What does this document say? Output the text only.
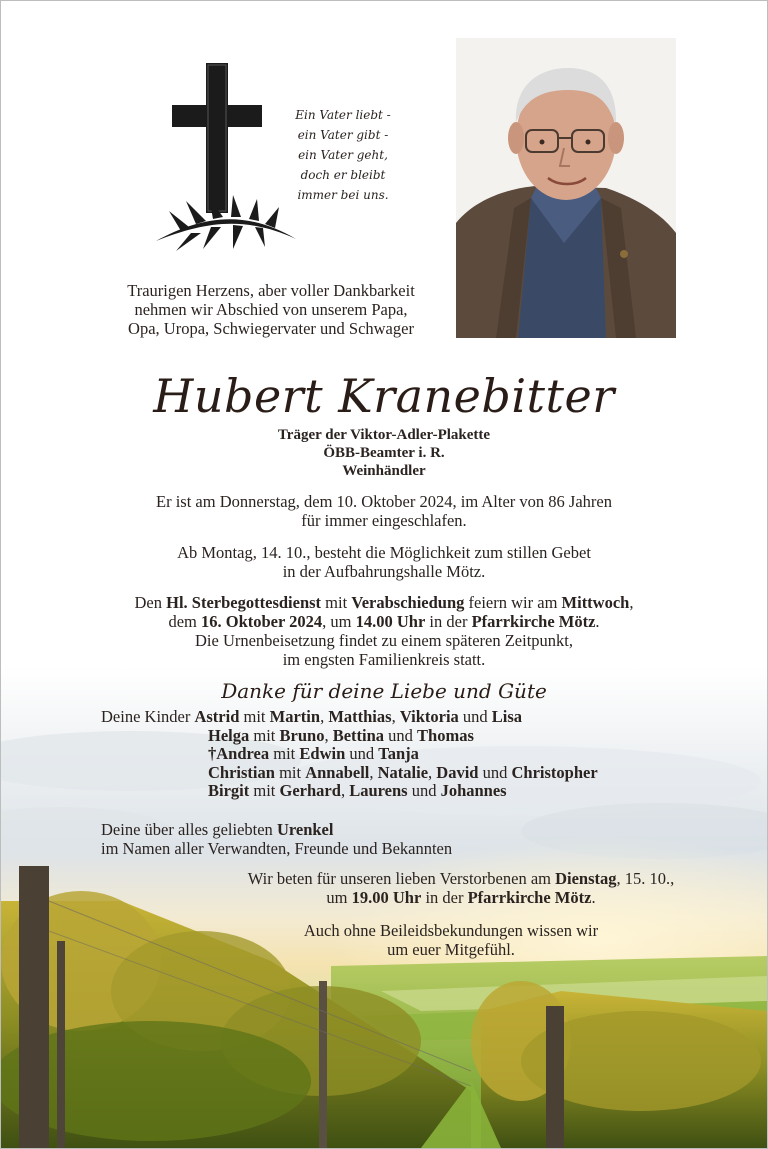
Ein Vater liebt -
ein Vater gibt -
ein Vater geht,
doch er bleibt
immer bei uns.
Traurigen Herzens, aber voller Dankbarkeit
nehmen wir Abschied von unserem Papa,
Opa, Uropa, Schwiegervater und Schwager
Hubert Kranebitter
Träger der Viktor-Adler-Plakette
ÖBB-Beamter i. R.
Weinhändler
Er ist am Donnerstag, dem 10. Oktober 2024, im Alter von 86 Jahren
für immer eingeschlafen.
Ab Montag, 14. 10., besteht die Möglichkeit zum stillen Gebet
in der Aufbahrungshalle Mötz.
Den Hl. Sterbegottesdienst mit Verabschiedung feiern wir am Mittwoch,
dem 16. Oktober 2024, um 14.00 Uhr in der Pfarrkirche Mötz.
Die Urnenbeisetzung findet zu einem späteren Zeitpunkt,
im engsten Familienkreis statt.
Danke für deine Liebe und Güte
Deine Kinder Astrid mit Martin, Matthias, Viktoria und Lisa
Helga mit Bruno, Bettina und Thomas
†Andrea mit Edwin und Tanja
Christian mit Annabell, Natalie, David und Christopher
Birgit mit Gerhard, Laurens und Johannes
Deine über alles geliebten Urenkel
im Namen aller Verwandten, Freunde und Bekannten
Wir beten für unseren lieben Verstorbenen am Dienstag, 15. 10.,
um 19.00 Uhr in der Pfarrkirche Mötz.
Auch ohne Beileidsbekundungen wissen wir
um euer Mitgefühl.
